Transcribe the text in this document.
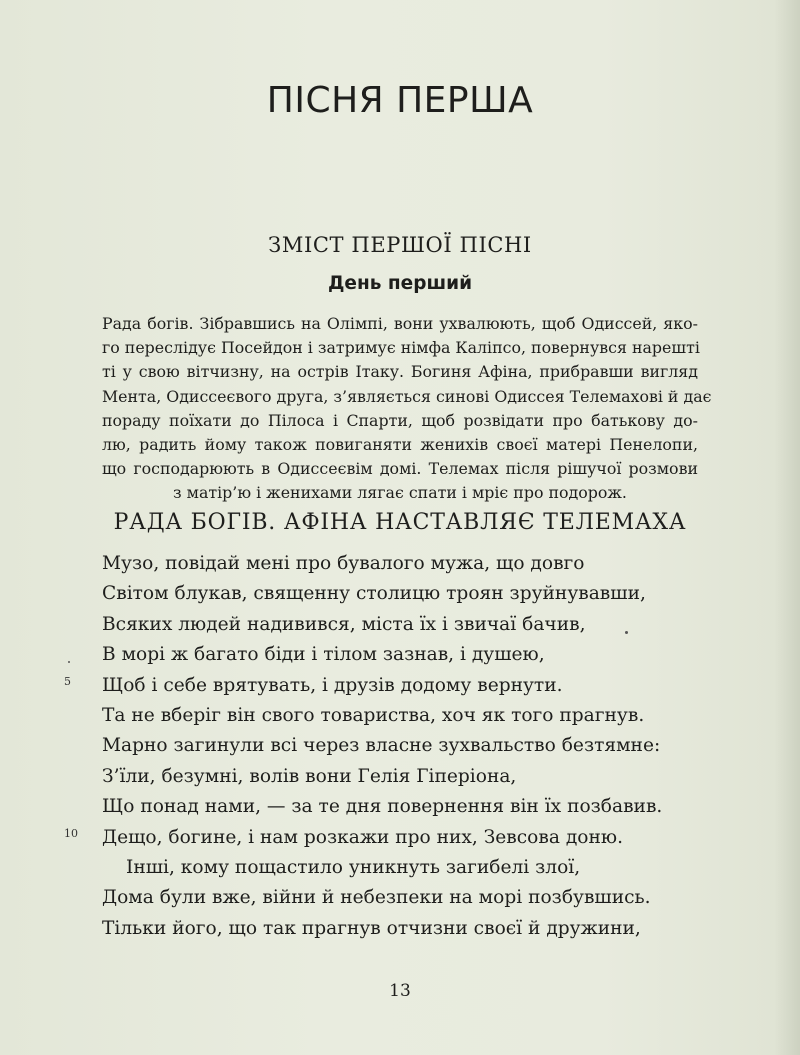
ПІСНЯ ПЕРША
ЗМІСТ ПЕРШОЇ ПІСНІ
День перший
Рада богів. Зібравшись на Олімпі, вони ухвалюють, щоб Одиссей, яко-
го переслідує Посейдон і затримує німфа Каліпсо, повернувся нарешті
ті у свою вітчизну, на острів Ітаку. Богиня Афіна, прибравши вигляд
Мента, Одиссеєвого друга, з’являється синові Одиссея Телемахові й дає
пораду поїхати до Пілоса і Спарти, щоб розвідати про батькову до-
лю, радить йому також повиганяти женихів своєї матері Пенелопи,
що господарюють в Одиссеєвім домі. Телемах після рішучої розмови
з матір’ю і женихами лягає спати і мріє про подорож.
РАДА БОГІВ. АФІНА НАСТАВЛЯЄ ТЕЛЕМАХА
Музо, повідай мені про бувалого мужа, що довго
Світом блукав, священну столицю троян зруйнувавши,
Всяких людей надивився, міста їх і звичаї бачив,
В морі ж багато біди і тілом зазнав, і душею,
5 Щоб і себе врятувать, і друзів додому вернути.
Та не вберіг він свого товариства, хоч як того прагнув.
Марно загинули всі через власне зухвальство безтямне:
З’їли, безумні, волів вони Гелія Гіперіона,
Що понад нами, — за те дня повернення він їх позбавив.
10 Дещо, богине, і нам розкажи про них, Зевсова доню.
Інші, кому пощастило уникнуть загибелі злої,
Дома були вже, війни й небезпеки на морі позбувшись.
Тільки його, що так прагнув отчизни своєї й дружини,
13
